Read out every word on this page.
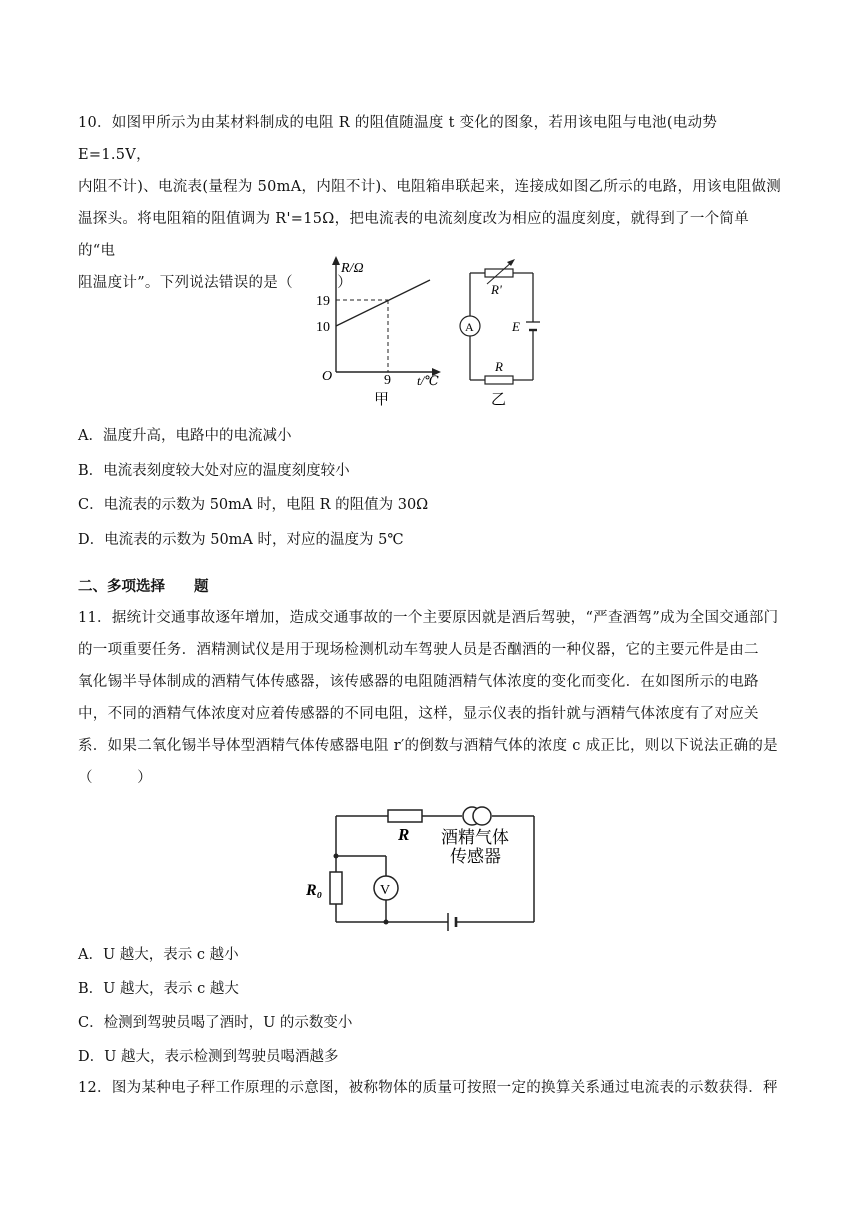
10．如图甲所示为由某材料制成的电阻 R 的阻值随温度 t 变化的图象，若用该电阻与电池(电动势 E=1.5V，
内阻不计)、电流表(量程为 50mA，内阻不计)、电阻箱串联起来，连接成如图乙所示的电路，用该电阻做测
温探头。将电阻箱的阻值调为 R'=15Ω，把电流表的电流刻度改为相应的温度刻度，就得到了一个简单的“电
阻温度计”。下列说法错误的是（　　　）
R/Ω
19
10
O	9 t/℃
甲
R'
A	E
R
乙
A．温度升高，电路中的电流减小
B．电流表刻度较大处对应的温度刻度较小
C．电流表的示数为 50mA 时，电阻 R 的阻值为 30Ω
D．电流表的示数为 50mA 时，对应的温度为 5℃
二、多项选择　　题
11．据统计交通事故逐年增加，造成交通事故的一个主要原因就是酒后驾驶，“严查酒驾”成为全国交通部门
的一项重要任务．酒精测试仪是用于现场检测机动车驾驶人员是否酗酒的一种仪器，它的主要元件是由二
氧化锡半导体制成的酒精气体传感器，该传感器的电阻随酒精气体浓度的变化而变化．在如图所示的电路
中，不同的酒精气体浓度对应着传感器的不同电阻，这样，显示仪表的指针就与酒精气体浓度有了对应关
系．如果二氧化锡半导体型酒精气体传感器电阻 r′的倒数与酒精气体的浓度 c 成正比，则以下说法正确的是
（　　　）
R 酒精气体
传感器
R₀	V
A．U 越大，表示 c 越小
B．U 越大，表示 c 越大
C．检测到驾驶员喝了酒时，U 的示数变小
D．U 越大，表示检测到驾驶员喝酒越多
12．图为某种电子秤工作原理的示意图，被称物体的质量可按照一定的换算关系通过电流表的示数获得．秤
